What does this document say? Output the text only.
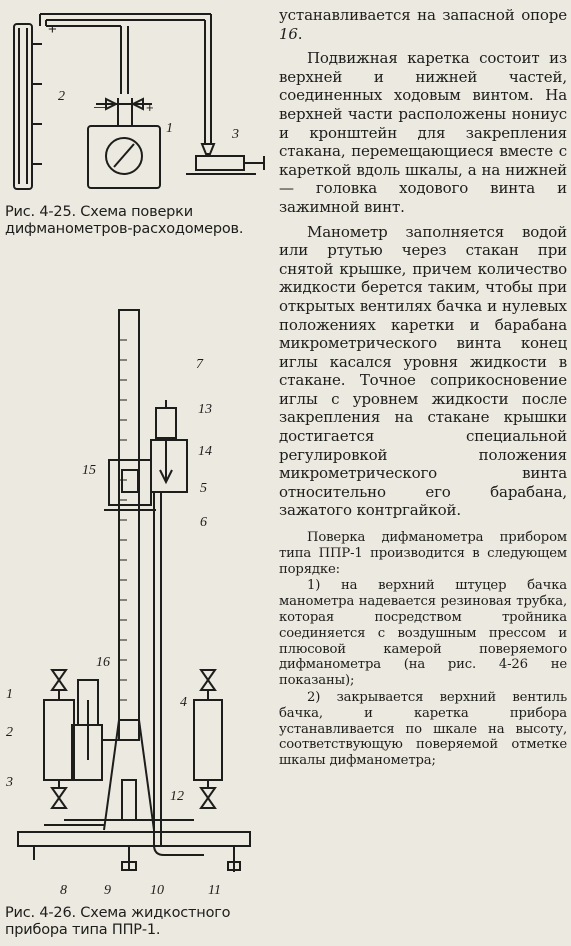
+
2
—	+
1	3
Рис. 4-25. Схема поверки дифманометров-расходомеров.
7
13
14
15
5
6
16
1
2
3
4
12
8	9	10	11
Рис. 4-26. Схема жидкостного прибора типа ППР-1.

устанавливается на запасной опоре 16.

Подвижная каретка состоит из верхней и нижней частей, соединенных ходовым винтом. На верхней части расположены нониус и кронштейн для закрепления стакана, перемещающиеся вместе с кареткой вдоль шкалы, а на нижней — головка ходового винта и зажимной винт.

Манометр заполняется водой или ртутью через стакан при снятой крышке, причем количество жидкости берется таким, чтобы при открытых вентилях бачка и нулевых положениях каретки и барабана микрометрического винта конец иглы касался уровня жидкости в стакане. Точное соприкосновение иглы с уровнем жидкости после закрепления на стакане крышки достигается специальной регулировкой положения микрометрического винта относительно его барабана, зажатого контргайкой.

Поверка дифманометра прибором типа ППР-1 производится в следующем порядке:

1) на верхний штуцер бачка манометра надевается резиновая трубка, которая посредством тройника соединяется с воздушным прессом и плюсовой камерой поверяемого дифманометра (на рис. 4-26 не показаны);

2) закрывается верхний вентиль бачка, и каретка прибора устанавливается по шкале на высоту, соответствующую поверяемой отметке шкалы дифманометра;
